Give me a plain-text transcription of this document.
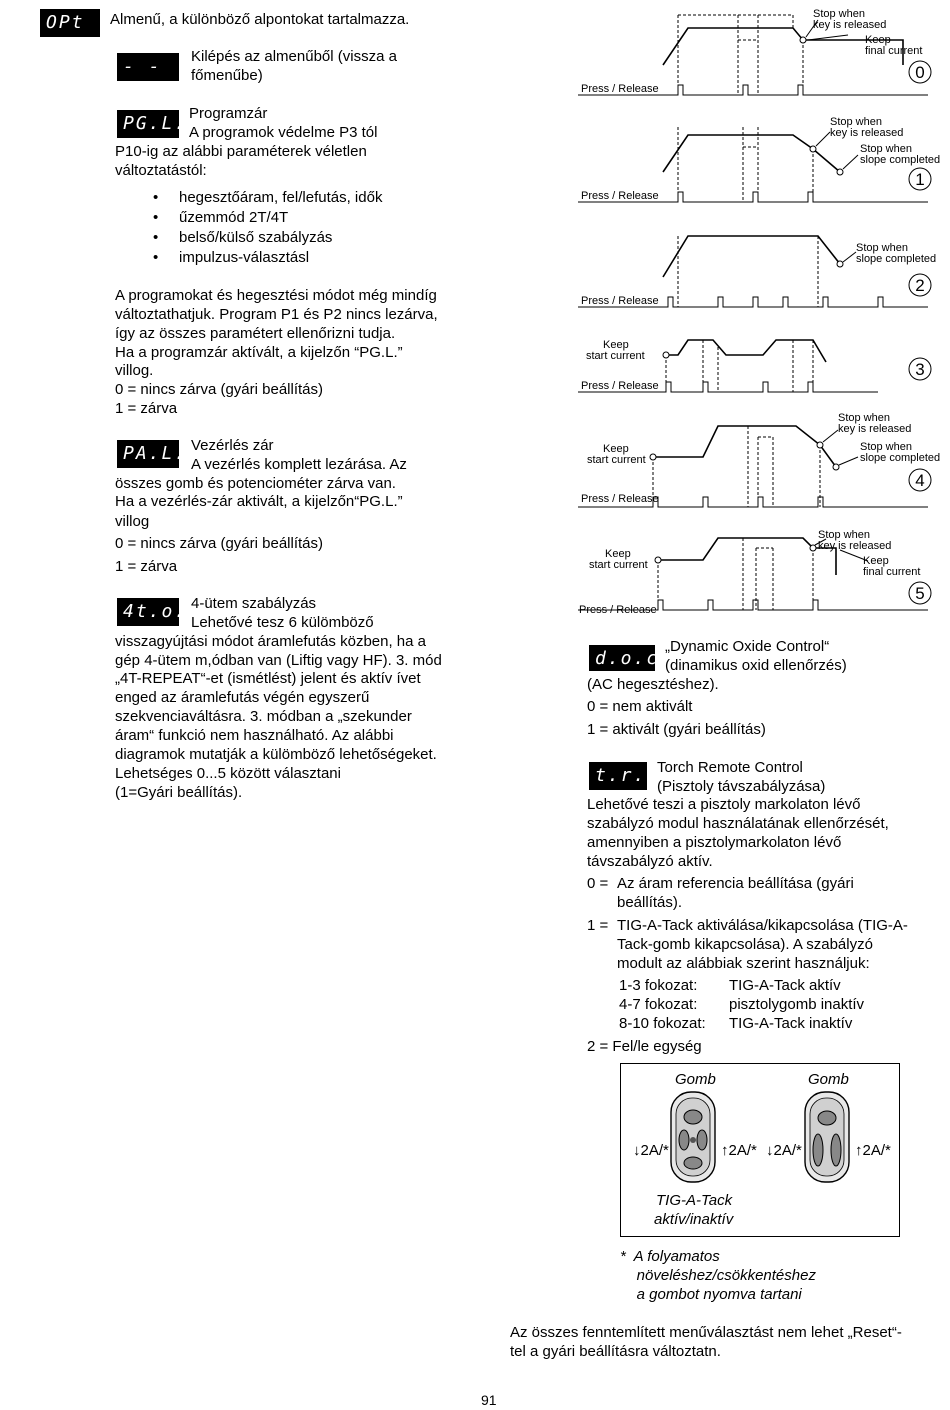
OPt	Almenű, a különböző alpontokat tartalmazza.
- - _
Kilépés az almenűből (vissza a
főmenűbe)
PG.L. Programzár
A programok védelme P3 tól
P10-ig az alábbi paraméterek véletlen
változtatástól:
• hegesztőáram, fel/lefutás, idők
• űzemmód 2T/4T
• belső/külső szabályzás
• impulzus-választásl
A programokat és hegesztési módot még mindíg
változtathatjuk. Program P1 és P2 nincs lezárva,
így az összes paramétert ellenőrizni tudja.
Ha a programzár aktívált, a kijelzőn “PG.L.”
villog.
0 = nincs zárva (gyári beállítás)
1 = zárva
PA.L. Vezérlés zár
A vezérlés komplett lezárása. Az
összes gomb és potenciométer zárva van.
Ha a vezérlés-zár aktivált, a kijelzőn“PG.L.”
villog
0 = nincs zárva (gyári beállítás)
1 = zárva
4t.o. 4-ütem szabályzás
Lehetővé tesz 6 külömböző
visszagyújtási módot áramlefutás közben, ha a
gép 4-ütem m,ódban van (Liftig vagy HF). 3. mód
„4T-REPEAT“-et (ismétlést) jelent és aktív ívet
enged az áramlefutás végén egyszerű
szekvenciaváltásra. 3. módban a „szekunder
áram“ funkció nem használható. Az alábbi
diagramok mutatják a külömböző lehetőségeket.
Lehetséges 0...5 között választani
(1=Gyári beállítás).
Stop when
key is released
Keep
final current
Press / Release
0
Stop when
key is released
Stop when
slope completed
Press / Release
1
Stop when
slope completed
Press / Release
2
Keep
start current
Press / Release
3
Stop when
key is released
Stop when
slope completed
Keep
start current
Press / Release
4
Stop when
key is released
Keep
final current
Keep
start current
Press / Release
5
d.o.c.
„Dynamic Oxide Control“
(dinamikus oxid ellenőrzés)
(AC hegesztéshez).
0 = nem aktivált
1 = aktivált (gyári beállítás)
t.r.c
Torch Remote Control
(Pisztoly távszabályzása)
Lehetővé teszi a pisztoly markolaton lévő
szabályzó modul használatának ellenőrzését,
amennyiben a pisztolymarkolaton lévő
távszabályzó aktív.
0 = Az áram referencia beállítása (gyári
beállítás).
1 = TIG-A-Tack aktiválása/kikapcsolása (TIG-A-
Tack-gomb kikapcsolása). A szabályzó
modult az alábbiak szerint használjuk:
1-3 fokozat: TIG-A-Tack aktív
4-7 fokozat: pisztolygomb inaktív
8-10 fokozat: TIG-A-Tack inaktív
2 = Fel/le egység
Gomb	Gomb
↓2A/*	↑2A/* ↓2A/*	↑2A/*
TIG-A-Tack
aktív/inaktív
*  A folyamatos
növeléshez/csökkentéshez
a gombot nyomva tartani
Az összes fenntemlített menűválasztást nem lehet „Reset“-
tel a gyári beállításra változtatn.
91
